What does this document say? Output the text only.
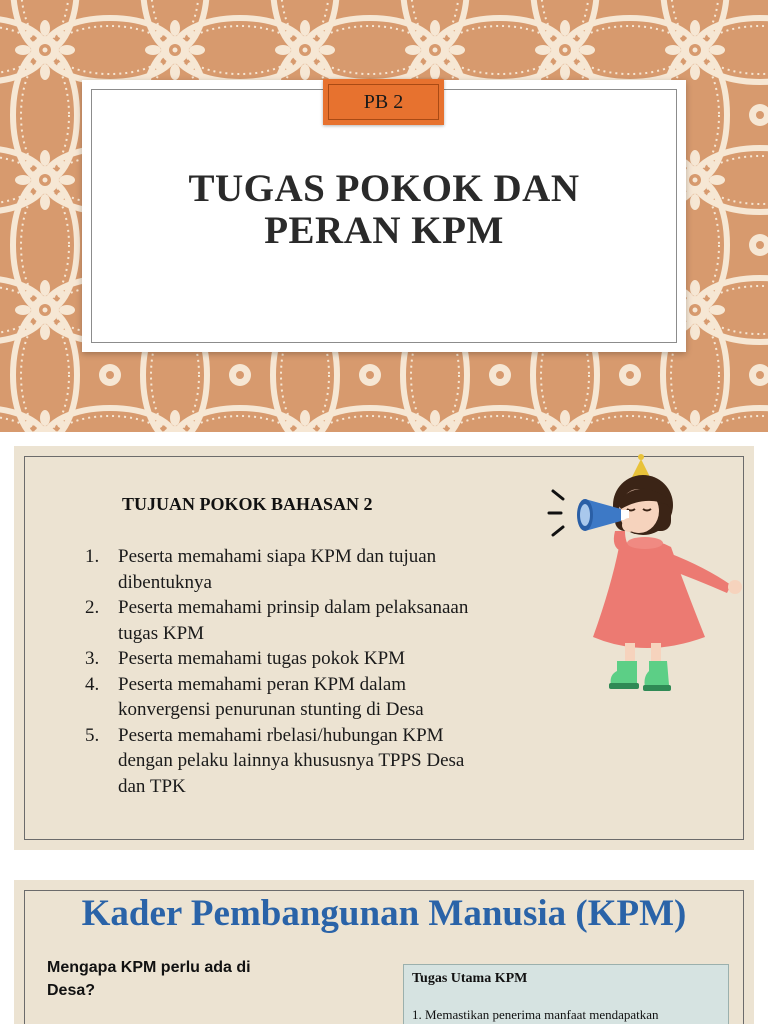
PB 2
TUGAS POKOK DAN
PERAN KPM
TUJUAN POKOK BAHASAN 2
1. Peserta memahami siapa KPM dan tujuan
dibentuknya
2. Peserta memahami prinsip dalam pelaksanaan
tugas KPM
3. Peserta memahami tugas pokok KPM
4. Peserta memahami peran KPM dalam
konvergensi penurunan stunting di Desa
5. Peserta memahami rbelasi/hubungan KPM
dengan pelaku lainnya khususnya TPPS Desa
dan TPK
Kader Pembangunan Manusia (KPM)
Mengapa KPM perlu ada di
Desa?
Tugas Utama KPM
1. Memastikan penerima manfaat mendapatkan
